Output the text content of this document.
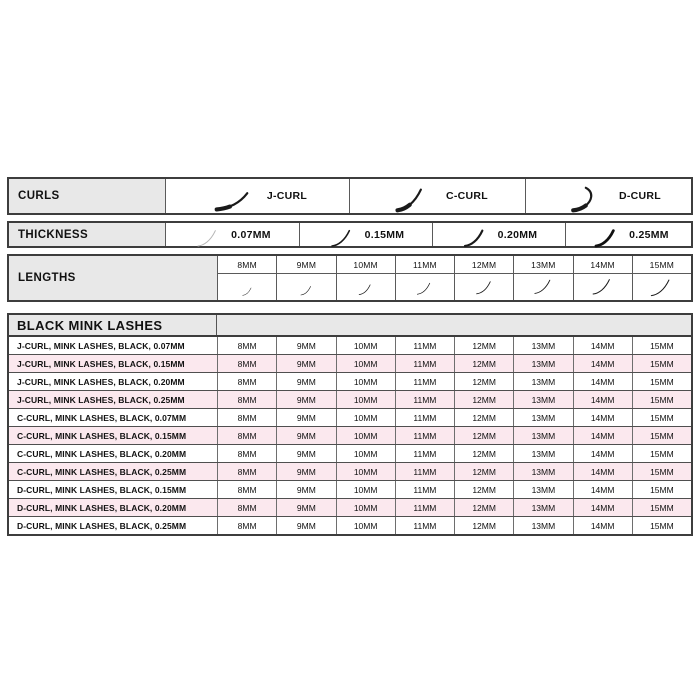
CURLS	J-CURL	C-CURL	D-CURL
THICKNESS	0.07MM	0.15MM	0.20MM	0.25MM
LENGTHS
8MM	9MM	10MM	11MM	12MM	13MM	14MM	15MM
BLACK MINK LASHES
J-CURL, MINK LASHES, BLACK, 0.07MM	8MM	9MM	10MM	11MM	12MM	13MM	14MM	15MM
J-CURL, MINK LASHES, BLACK, 0.15MM	8MM	9MM	10MM	11MM	12MM	13MM	14MM	15MM
J-CURL, MINK LASHES, BLACK, 0.20MM	8MM	9MM	10MM	11MM	12MM	13MM	14MM	15MM
J-CURL, MINK LASHES, BLACK, 0.25MM	8MM	9MM	10MM	11MM	12MM	13MM	14MM	15MM
C-CURL, MINK LASHES, BLACK, 0.07MM	8MM	9MM	10MM	11MM	12MM	13MM	14MM	15MM
C-CURL, MINK LASHES, BLACK, 0.15MM	8MM	9MM	10MM	11MM	12MM	13MM	14MM	15MM
C-CURL, MINK LASHES, BLACK, 0.20MM	8MM	9MM	10MM	11MM	12MM	13MM	14MM	15MM
C-CURL, MINK LASHES, BLACK, 0.25MM	8MM	9MM	10MM	11MM	12MM	13MM	14MM	15MM
D-CURL, MINK LASHES, BLACK, 0.15MM	8MM	9MM	10MM	11MM	12MM	13MM	14MM	15MM
D-CURL, MINK LASHES, BLACK, 0.20MM	8MM	9MM	10MM	11MM	12MM	13MM	14MM	15MM
D-CURL, MINK LASHES, BLACK, 0.25MM	8MM	9MM	10MM	11MM	12MM	13MM	14MM	15MM
